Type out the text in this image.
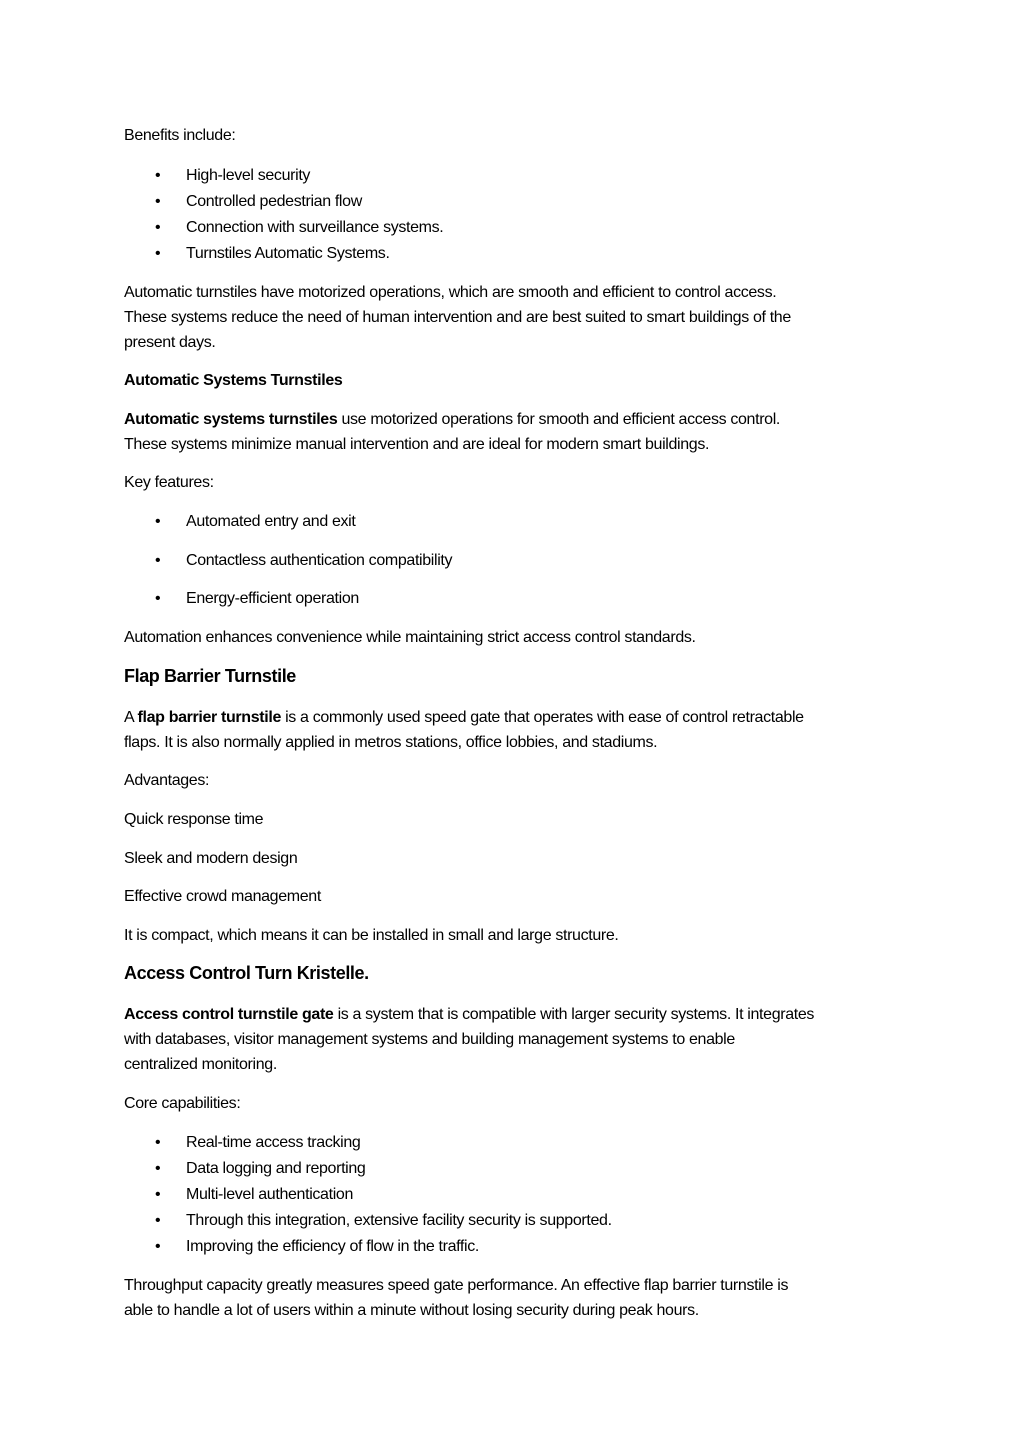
Benefits include:
• High-level security
• Controlled pedestrian flow
• Connection with surveillance systems.
• Turnstiles Automatic Systems.
Automatic turnstiles have motorized operations, which are smooth and efficient to control access.
These systems reduce the need of human intervention and are best suited to smart buildings of the
present days.
Automatic Systems Turnstiles
Automatic systems turnstiles use motorized operations for smooth and efficient access control.
These systems minimize manual intervention and are ideal for modern smart buildings.
Key features:
• Automated entry and exit
• Contactless authentication compatibility
• Energy-efficient operation
Automation enhances convenience while maintaining strict access control standards.
Flap Barrier Turnstile
A flap barrier turnstile is a commonly used speed gate that operates with ease of control retractable
flaps. It is also normally applied in metros stations, office lobbies, and stadiums.
Advantages:
Quick response time
Sleek and modern design
Effective crowd management
It is compact, which means it can be installed in small and large structure.
Access Control Turn Kristelle.
Access control turnstile gate is a system that is compatible with larger security systems. It integrates
with databases, visitor management systems and building management systems to enable
centralized monitoring.
Core capabilities:
• Real-time access tracking
• Data logging and reporting
• Multi-level authentication
• Through this integration, extensive facility security is supported.
• Improving the efficiency of flow in the traffic.
Throughput capacity greatly measures speed gate performance. An effective flap barrier turnstile is
able to handle a lot of users within a minute without losing security during peak hours.
